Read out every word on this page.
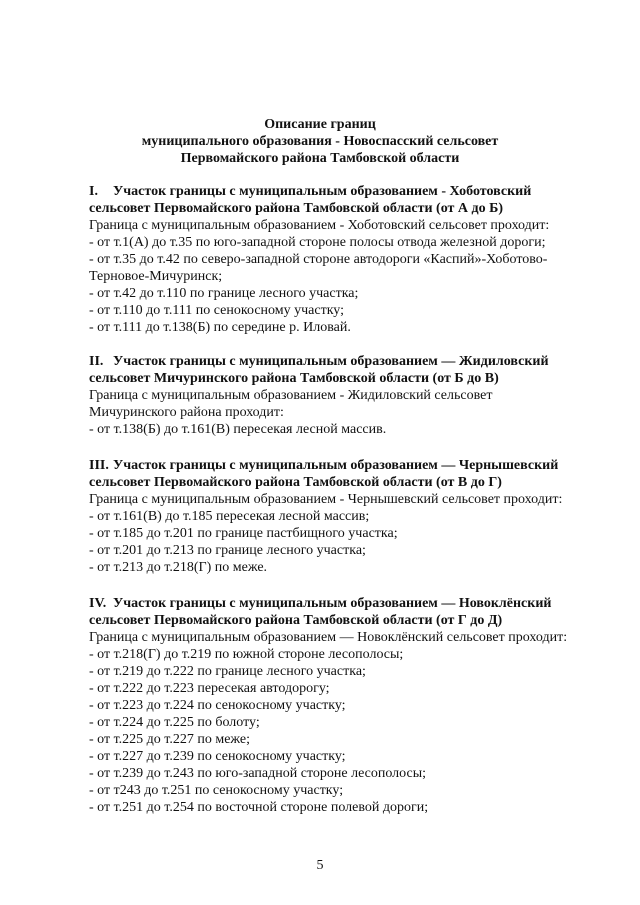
Описание границ
муниципального образования - Новоспасский сельсовет
Первомайского района Тамбовской области
I. Участок границы с муниципальным образованием - Хоботовский
сельсовет Первомайского района Тамбовской области (от А до Б)
Граница с муниципальным образованием - Хоботовский сельсовет проходит:
- от т.1(А) до т.35 по юго-западной стороне полосы отвода железной дороги;
- от т.35 до т.42 по северо-западной стороне автодороги «Каспий»-Хоботово-
Терновое-Мичуринск;
- от т.42 до т.110 по границе лесного участка;
- от т.110 до т.111 по сенокосному участку;
- от т.111 до т.138(Б) по середине р. Иловай.
II. Участок границы с муниципальным образованием — Жидиловский
сельсовет Мичуринского района Тамбовской области (от Б до В)
Граница с муниципальным образованием - Жидиловский сельсовет
Мичуринского района проходит:
- от т.138(Б) до т.161(В) пересекая лесной массив.
III. Участок границы с муниципальным образованием — Чернышевский
сельсовет Первомайского района Тамбовской области (от В до Г)
Граница с муниципальным образованием - Чернышевский сельсовет проходит:
- от т.161(В) до т.185 пересекая лесной массив;
- от т.185 до т.201 по границе пастбищного участка;
- от т.201 до т.213 по границе лесного участка;
- от т.213 до т.218(Г) по меже.
IV. Участок границы с муниципальным образованием — Новоклёнский
сельсовет Первомайского района Тамбовской области (от Г до Д)
Граница с муниципальным образованием — Новоклёнский сельсовет проходит:
- от т.218(Г) до т.219 по южной стороне лесополосы;
- от т.219 до т.222 по границе лесного участка;
- от т.222 до т.223 пересекая автодорогу;
- от т.223 до т.224 по сенокосному участку;
- от т.224 до т.225 по болоту;
- от т.225 до т.227 по меже;
- от т.227 до т.239 по сенокосному участку;
- от т.239 до т.243 по юго-западной стороне лесополосы;
- от т243 до т.251 по сенокосному участку;
- от т.251 до т.254 по восточной стороне полевой дороги;
5
